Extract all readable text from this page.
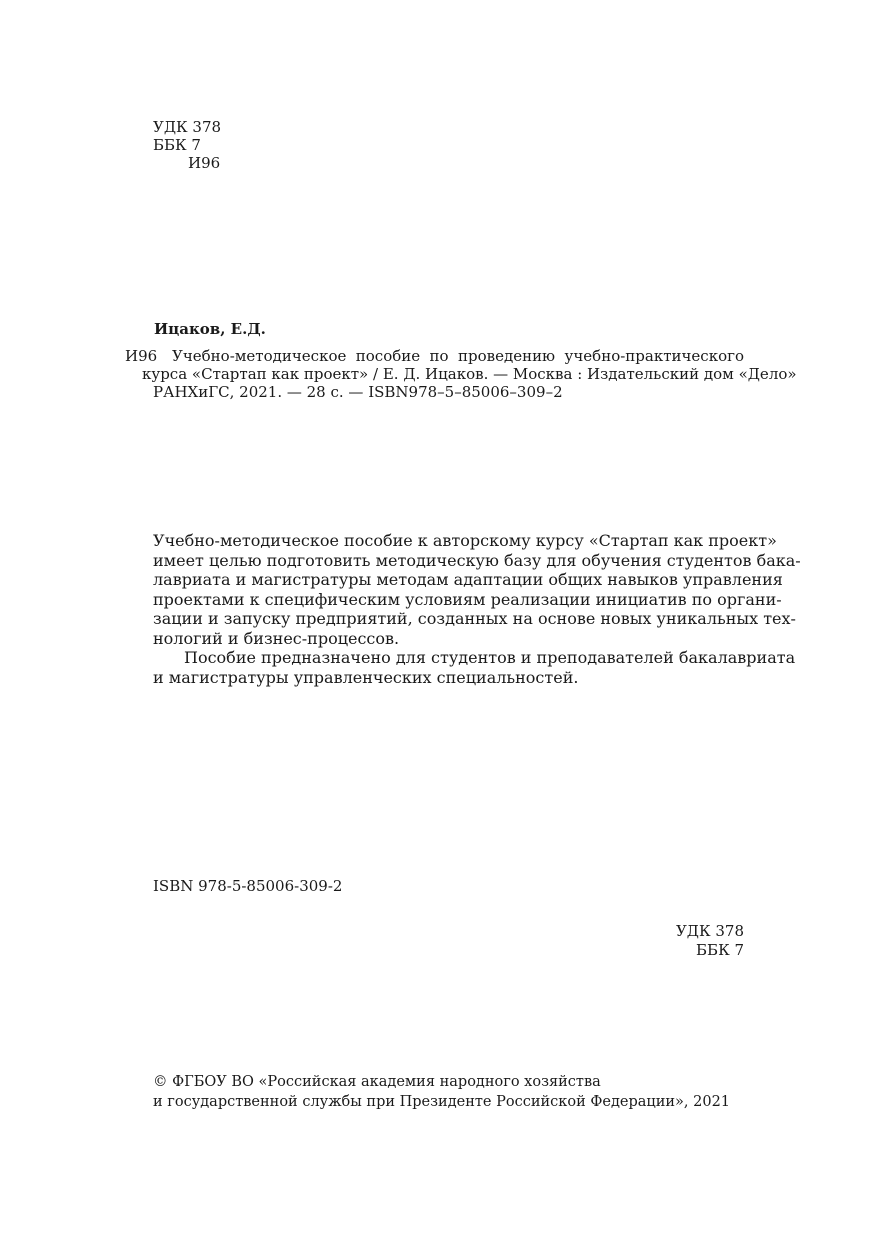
УДК 378
ББК 7
И96
Ицаков, Е.Д.
И96 Учебно-методическое пособие по проведению учебно-практического
курса «Стартап как проект» / Е. Д. Ицаков. — Москва : Издательский дом «Дело»
РАНХиГС, 2021. — 28 с. — ISBN978–5–85006–309–2
Учебно-методическое пособие к авторскому курсу «Стартап как проект»
имеет целью подготовить методическую базу для обучения студентов бака-
лавриата и магистратуры методам адаптации общих навыков управления
проектами к специфическим условиям реализации инициатив по органи-
зации и запуску предприятий, созданных на основе новых уникальных тех-
нологий и бизнес-процессов.
Пособие предназначено для студентов и преподавателей бакалавриата
и магистратуры управленческих специальностей.
ISBN 978-5-85006-309-2
УДК 378
ББК 7
© ФГБОУ ВО «Российская академия народного хозяйства
и государственной службы при Президенте Российской Федерации», 2021
